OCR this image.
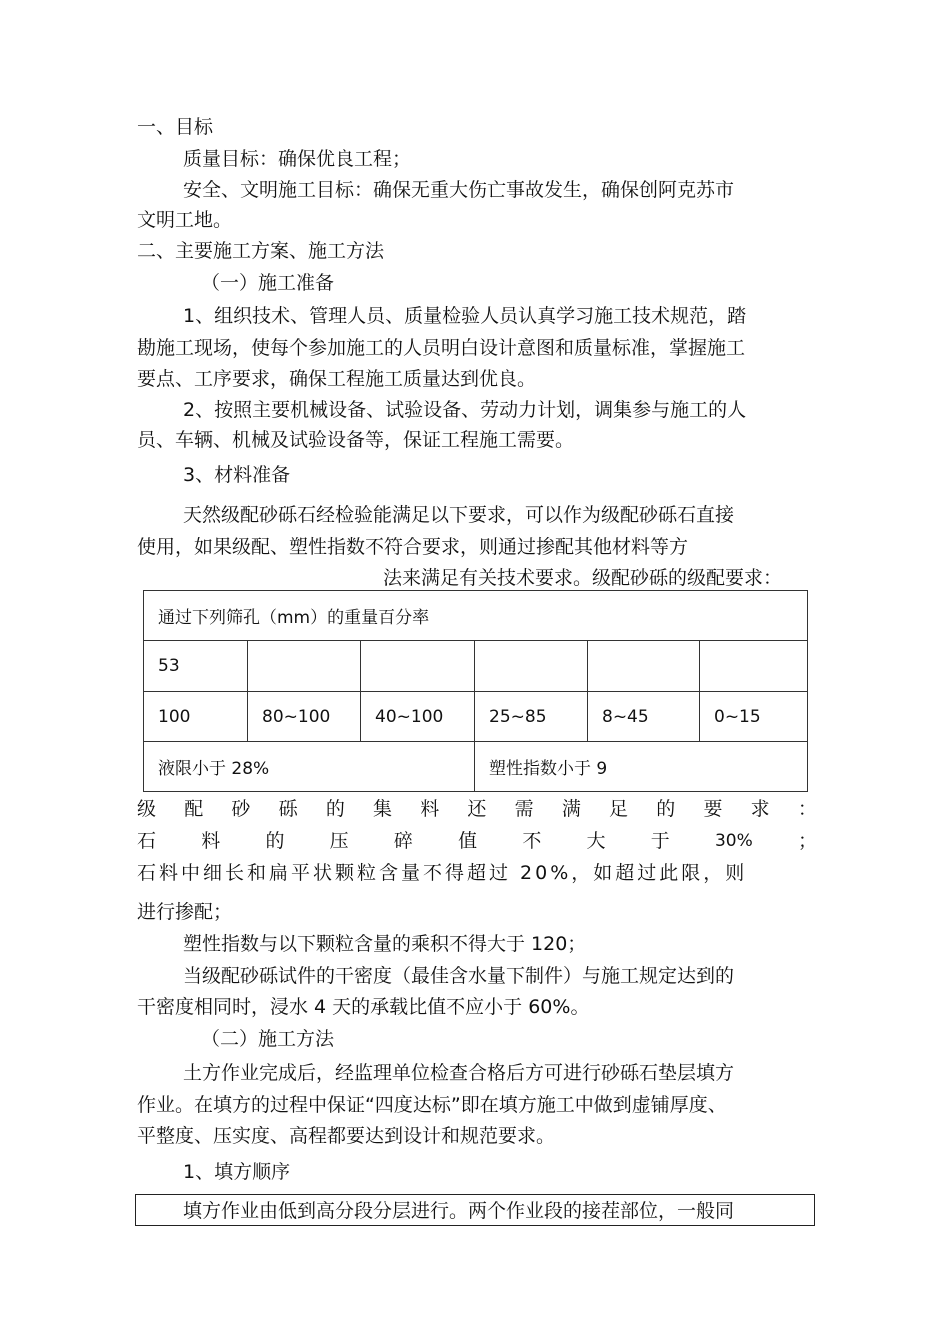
一、目标
质量目标：确保优良工程；
安全、文明施工目标：确保无重大伤亡事故发生，确保创阿克苏市
文明工地。
二、主要施工方案、施工方法
（一）施工准备
1、组织技术、管理人员、质量检验人员认真学习施工技术规范，踏
勘施工现场，使每个参加施工的人员明白设计意图和质量标准，掌握施工
要点、工序要求，确保工程施工质量达到优良。
2、按照主要机械设备、试验设备、劳动力计划，调集参与施工的人
员、车辆、机械及试验设备等，保证工程施工需要。
3、材料准备
天然级配砂砾石经检验能满足以下要求，可以作为级配砂砾石直接
使用，如果级配、塑性指数不符合要求，则通过掺配其他材料等方
法来满足有关技术要求。级配砂砾的级配要求：
通过下列筛孔（mm）的重量百分率					
53					
100	80~100	40~100	25~85	8~45	0~15
液限小于 28%			塑性指数小于 9		
级 配 砂 砾 的 集 料 还 需 满 足 的 要 求 ：
石 料 的 压 碎 值 不 大 于	30% ；
石料中细长和扁平状颗粒含量不得超过 20%，如超过此限，则
进行掺配；
塑性指数与以下颗粒含量的乘积不得大于 120；
当级配砂砾试件的干密度（最佳含水量下制件）与施工规定达到的
干密度相同时，浸水 4 天的承载比值不应小于 60%。
（二）施工方法
土方作业完成后，经监理单位检查合格后方可进行砂砾石垫层填方
作业。在填方的过程中保证“四度达标”即在填方施工中做到虚铺厚度、
平整度、压实度、高程都要达到设计和规范要求。
1、填方顺序
填方作业由低到高分段分层进行。两个作业段的接茬部位，一般同
